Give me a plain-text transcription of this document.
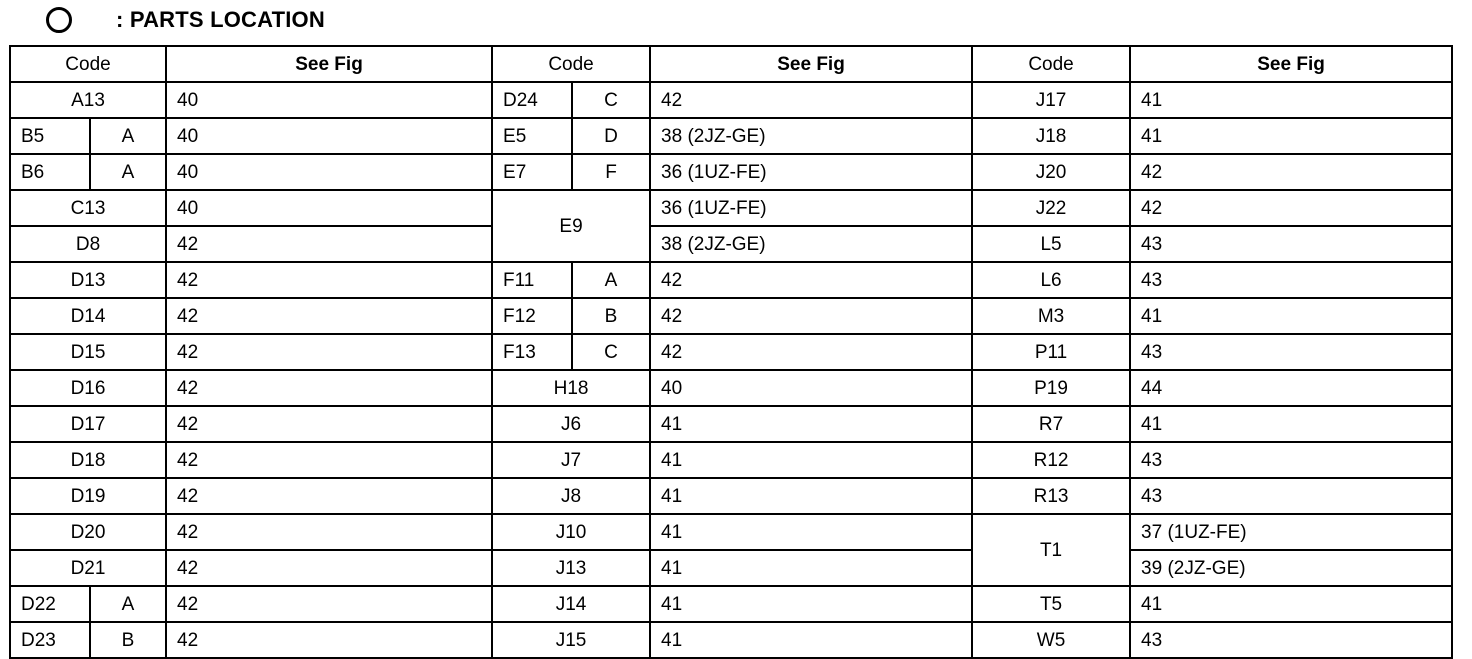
: PARTS LOCATION
Code		See Fig	Code		See Fig	Code	See Fig
A13		40	D24	C	42	J17	41
B5	A	40	E5	D	38 (2JZ-GE)	J18	41
B6	A	40	E7	F	36 (1UZ-FE)	J20	42
C13		40	E9		36 (1UZ-FE)	J22	42
D8		42			38 (2JZ-GE)	L5	43
D13		42	F11	A	42	L6	43
D14		42	F12	B	42	M3	41
D15		42	F13	C	42	P11	43
D16		42	H18		40	P19	44
D17		42	J6		41	R7	41
D18		42	J7		41	R12	43
D19		42	J8		41	R13	43
D20		42	J10		41	T1	37 (1UZ-FE)
D21		42	J13		41		39 (2JZ-GE)
D22	A	42	J14		41	T5	41
D23	B	42	J15		41	W5	43
